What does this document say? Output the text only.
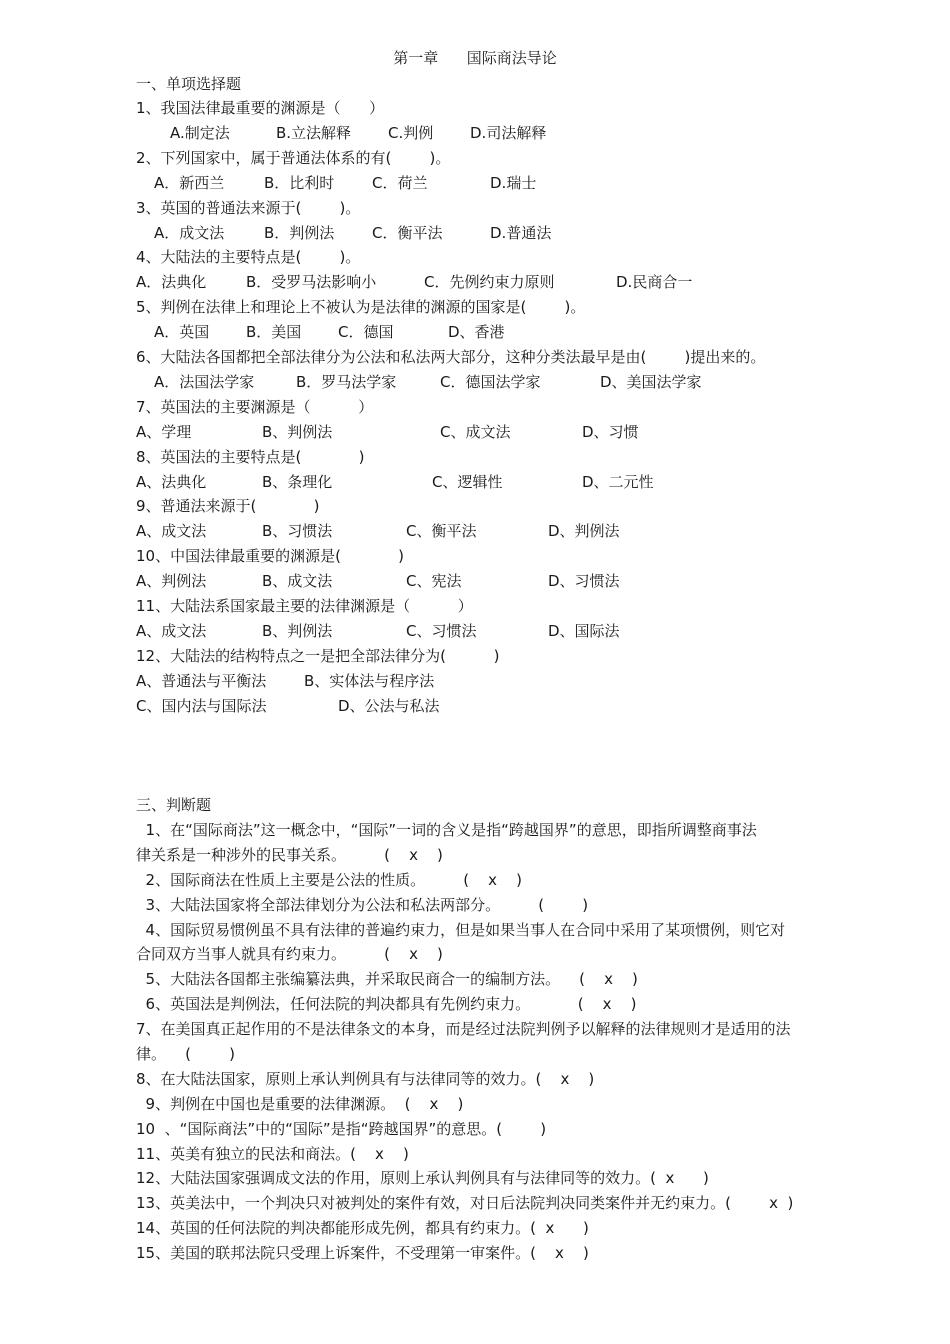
第一章      国际商法导论
一、单项选择题
1、我国法律最重要的渊源是（      ）
A.制定法	B.立法解释 C.判例 D.司法解释
2、下列国家中，属于普通法体系的有(        )。
A．新西兰	B．比利时	C．荷兰	D.瑞士
3、英国的普通法来源于(        )。
A．成文法	B．判例法	C．衡平法	D.普通法
4、大陆法的主要特点是(        )。
A．法典化	B．受罗马法影响小	C．先例约束力原则	D.民商合一
5、判例在法律上和理论上不被认为是法律的渊源的国家是(        )。
A．英国 B．美国 C．德国	D、香港
6、大陆法各国都把全部法律分为公法和私法两大部分，这种分类法最早是由(        )提出来的。
A．法国法学家	B．罗马法学家	C．德国法学家	D、美国法学家
7、英国法的主要渊源是（          ）
A、学理	B、判例法	C、成文法	D、习惯
8、英国法的主要特点是(            )
A、法典化	B、条理化	C、逻辑性	D、二元性
9、普通法来源于(            )
A、成文法	B、习惯法	C、衡平法	D、判例法
10、中国法律最重要的渊源是(            )
A、判例法	B、成文法	C、宪法	D、习惯法
11、大陆法系国家最主要的法律渊源是（          ）
A、成文法	B、判例法	C、习惯法	D、国际法
12、大陆法的结构特点之一是把全部法律分为(          )
A、普通法与平衡法	B、实体法与程序法
C、国内法与国际法	D、公法与私法
三、判断题
1、在“国际商法”这一概念中，“国际”一词的含义是指“跨越国界”的意思，即指所调整商事法
律关系是一种涉外的民事关系。        (    x    )
2、国际商法在性质上主要是公法的性质。        (    x    )
3、大陆法国家将全部法律划分为公法和私法两部分。        (        )
4、国际贸易惯例虽不具有法律的普遍约束力，但是如果当事人在合同中采用了某项惯例，则它对
合同双方当事人就具有约束力。        (    x    )
5、大陆法各国都主张编纂法典，并采取民商合一的编制方法。    (    x    )
6、英国法是判例法，任何法院的判决都具有先例约束力。          (    x    )
7、在美国真正起作用的不是法律条文的本身，而是经过法院判例予以解释的法律规则才是适用的法
律。    (        )
8、在大陆法国家，原则上承认判例具有与法律同等的效力。(    x    )
9、判例在中国也是重要的法律渊源。  (    x    )
10  、“国际商法”中的“国际”是指“跨越国界”的意思。(        )
11、英美有独立的民法和商法。(    x    )
12、大陆法国家强调成文法的作用，原则上承认判例具有与法律同等的效力。(  x      )
13、英美法中，一个判决只对被判处的案件有效，对日后法院判决同类案件并无约束力。(        x  )
14、英国的任何法院的判决都能形成先例，都具有约束力。(  x      )
15、美国的联邦法院只受理上诉案件，不受理第一审案件。(    x    )
